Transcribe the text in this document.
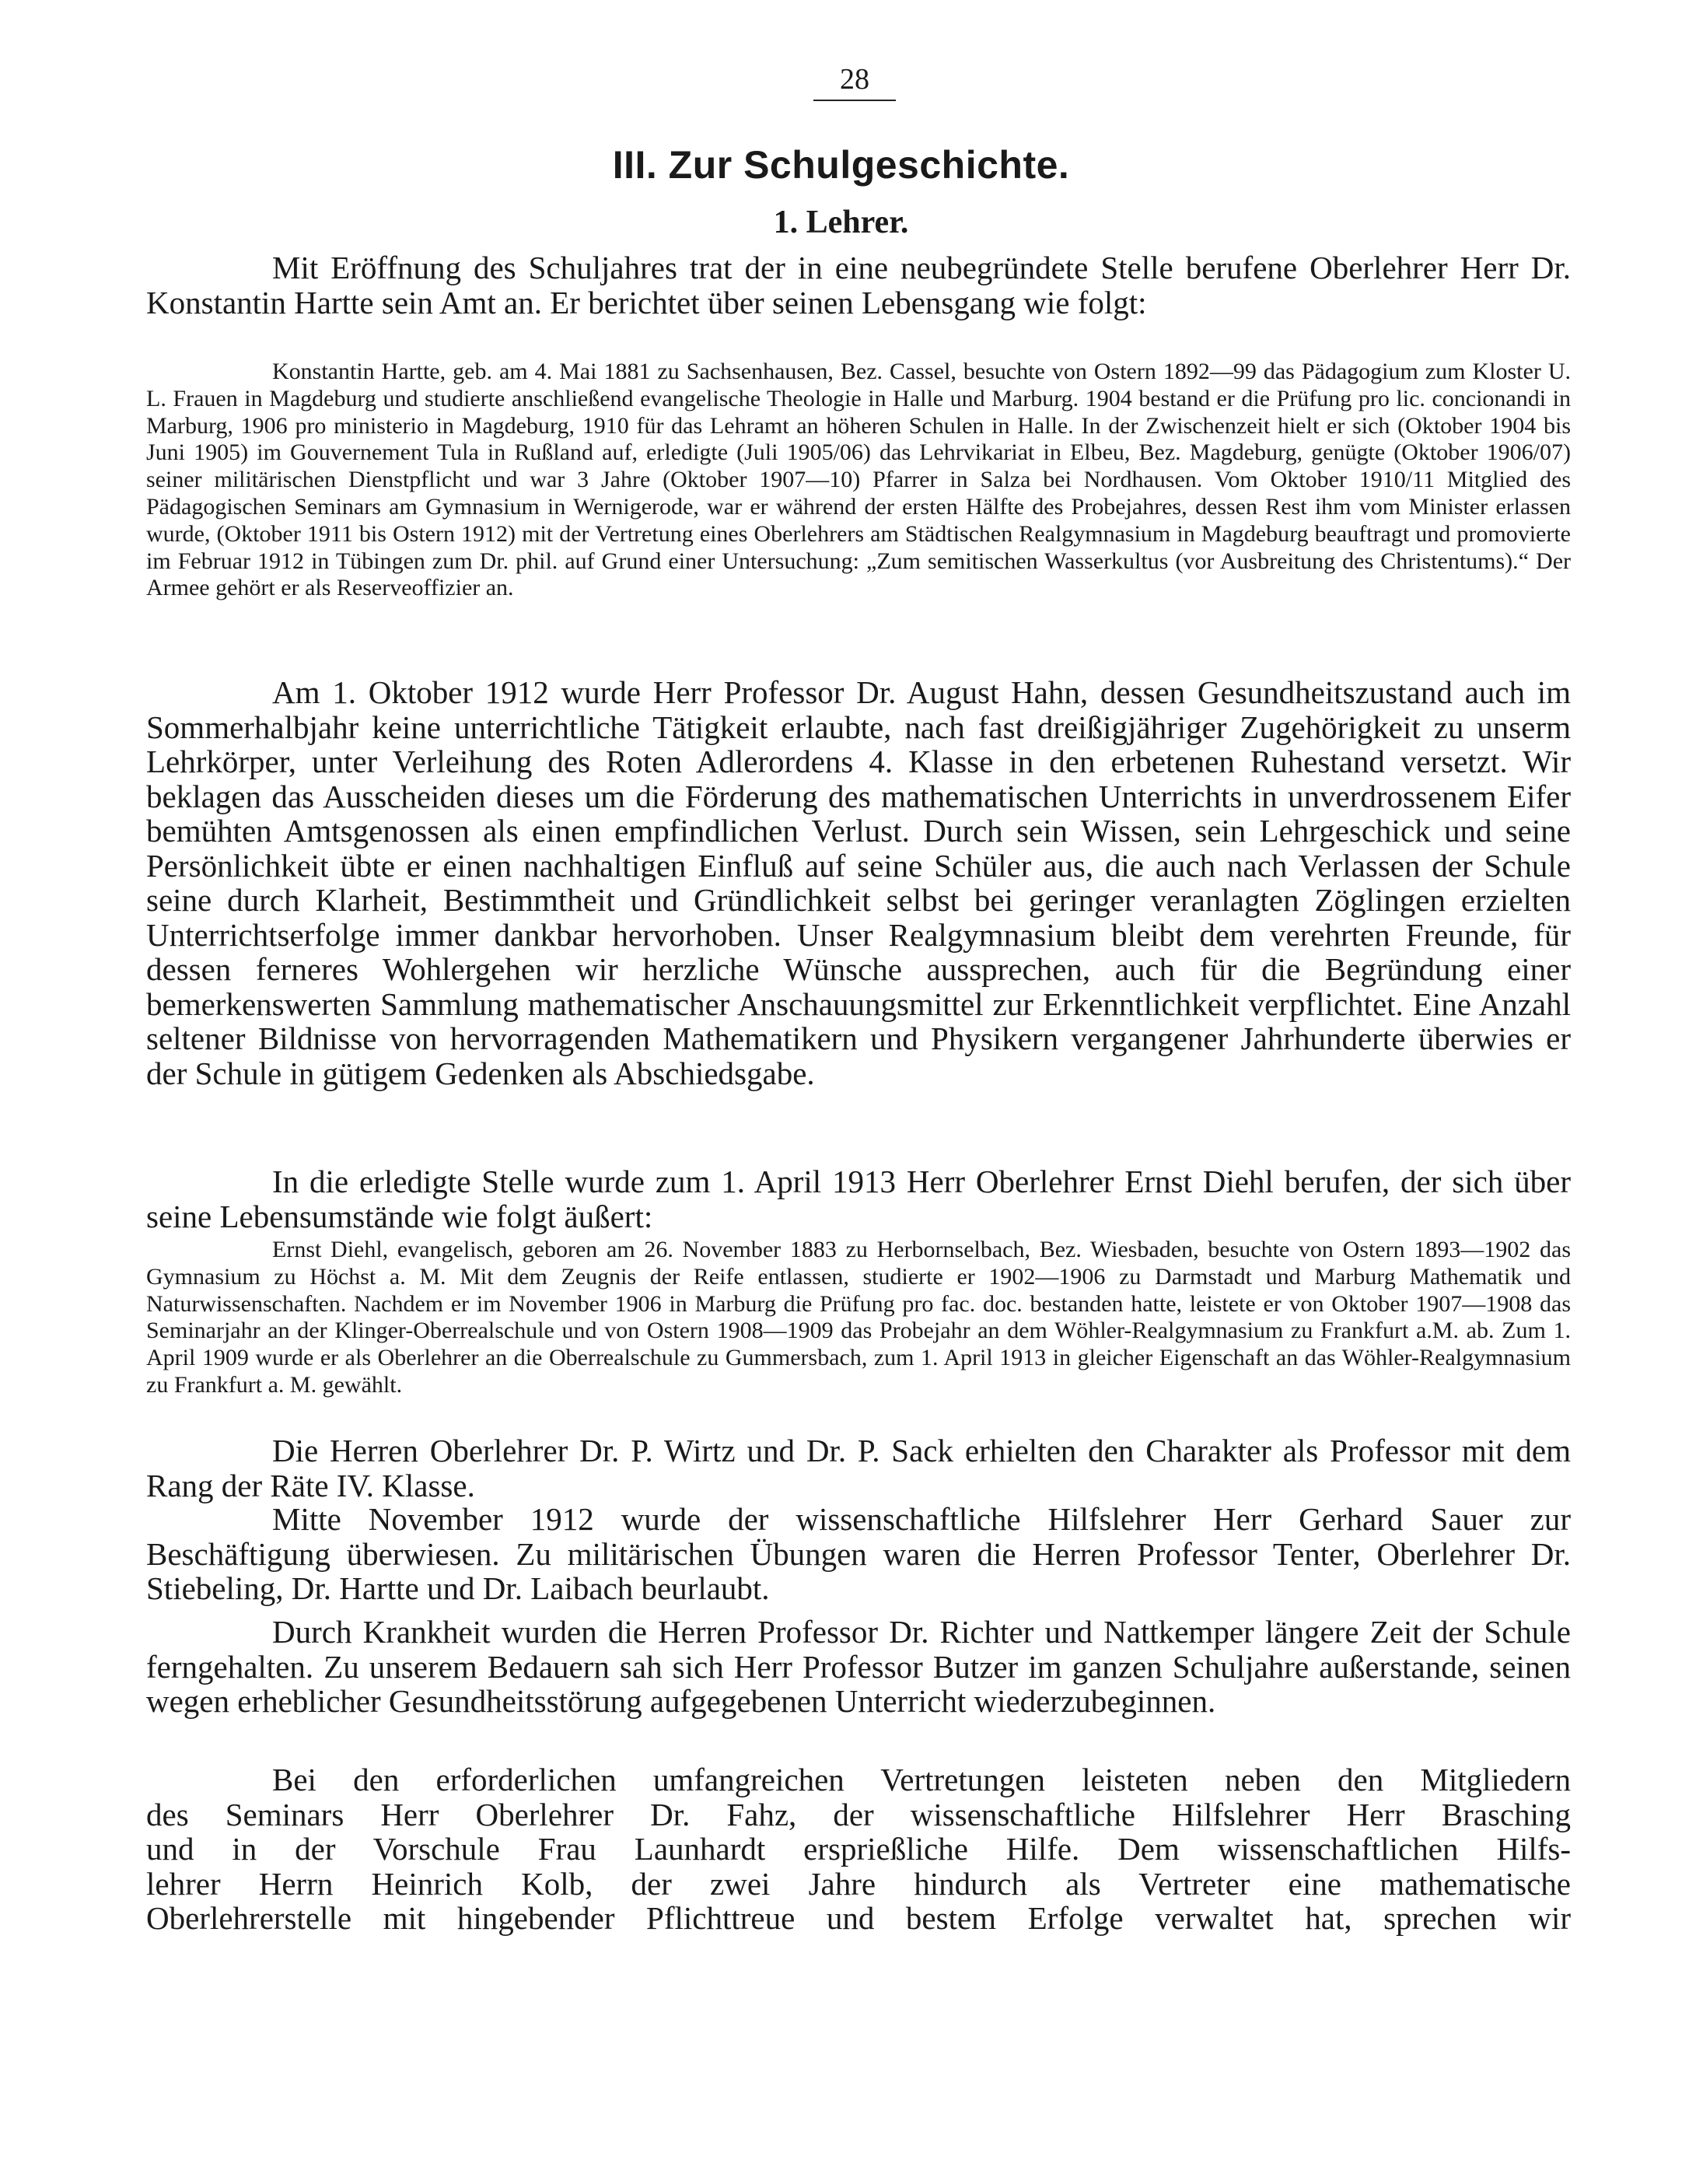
28
III. Zur Schulgeschichte.
1. Lehrer.

Mit Eröffnung des Schuljahres trat der in eine neubegründete Stelle berufene Oberlehrer Herr Dr. Konstantin Hartte sein Amt an. Er berichtet über seinen Lebensgang wie folgt:

Konstantin Hartte, geb. am 4. Mai 1881 zu Sachsenhausen, Bez. Cassel, besuchte von Ostern 1892—99 das Pädagogium zum Kloster U. L. Frauen in Magdeburg und studierte anschließend evangelische Theologie in Halle und Marburg. 1904 bestand er die Prüfung pro lic. concionandi in Marburg, 1906 pro ministerio in Magdeburg, 1910 für das Lehramt an höheren Schulen in Halle. In der Zwischenzeit hielt er sich (Oktober 1904 bis Juni 1905) im Gouvernement Tula in Rußland auf, erledigte (Juli 1905/06) das Lehrvikariat in Elbeu, Bez. Magdeburg, genügte (Oktober 1906/07) seiner militärischen Dienstpflicht und war 3 Jahre (Oktober 1907—10) Pfarrer in Salza bei Nordhausen. Vom Oktober 1910/11 Mitglied des Pädagogischen Seminars am Gymnasium in Wernigerode, war er während der ersten Hälfte des Probejahres, dessen Rest ihm vom Minister erlassen wurde, (Oktober 1911 bis Ostern 1912) mit der Vertretung eines Oberlehrers am Städtischen Realgymnasium in Magdeburg beauftragt und promovierte im Februar 1912 in Tübingen zum Dr. phil. auf Grund einer Untersuchung: „Zum semitischen Wasserkultus (vor Ausbreitung des Christentums).“ Der Armee gehört er als Reserveoffizier an.

Am 1. Oktober 1912 wurde Herr Professor Dr. August Hahn, dessen Gesundheitszustand auch im Sommerhalbjahr keine unterrichtliche Tätigkeit erlaubte, nach fast dreißigjähriger Zugehörigkeit zu unserm Lehrkörper, unter Verleihung des Roten Adlerordens 4. Klasse in den erbetenen Ruhestand versetzt. Wir beklagen das Ausscheiden dieses um die Förderung des mathematischen Unterrichts in unverdrossenem Eifer bemühten Amtsgenossen als einen empfindlichen Verlust. Durch sein Wissen, sein Lehrgeschick und seine Persönlichkeit übte er einen nachhaltigen Einfluß auf seine Schüler aus, die auch nach Verlassen der Schule seine durch Klarheit, Bestimmtheit und Gründlichkeit selbst bei geringer veranlagten Zöglingen erzielten Unterrichtserfolge immer dankbar hervorhoben. Unser Realgymnasium bleibt dem verehrten Freunde, für dessen ferneres Wohlergehen wir herzliche Wünsche aussprechen, auch für die Begründung einer bemerkenswerten Sammlung mathematischer Anschauungsmittel zur Erkenntlichkeit verpflichtet. Eine Anzahl seltener Bildnisse von hervorragenden Mathematikern und Physikern vergangener Jahrhunderte überwies er der Schule in gütigem Gedenken als Abschiedsgabe.

In die erledigte Stelle wurde zum 1. April 1913 Herr Oberlehrer Ernst Diehl berufen, der sich über seine Lebensumstände wie folgt äußert:

Ernst Diehl, evangelisch, geboren am 26. November 1883 zu Herbornselbach, Bez. Wiesbaden, besuchte von Ostern 1893—1902 das Gymnasium zu Höchst a. M. Mit dem Zeugnis der Reife entlassen, studierte er 1902—1906 zu Darmstadt und Marburg Mathematik und Naturwissenschaften. Nachdem er im November 1906 in Marburg die Prüfung pro fac. doc. bestanden hatte, leistete er von Oktober 1907—1908 das Seminarjahr an der Klinger-Oberrealschule und von Ostern 1908—1909 das Probejahr an dem Wöhler-Realgymnasium zu Frankfurt a.M. ab. Zum 1. April 1909 wurde er als Oberlehrer an die Oberrealschule zu Gummersbach, zum 1. April 1913 in gleicher Eigenschaft an das Wöhler-Realgymnasium zu Frankfurt a. M. gewählt.

Die Herren Oberlehrer Dr. P. Wirtz und Dr. P. Sack erhielten den Charakter als Professor mit dem Rang der Räte IV. Klasse.

Mitte November 1912 wurde der wissenschaftliche Hilfslehrer Herr Gerhard Sauer zur Beschäftigung überwiesen. Zu militärischen Übungen waren die Herren Professor Tenter, Oberlehrer Dr. Stiebeling, Dr. Hartte und Dr. Laibach beurlaubt.

Durch Krankheit wurden die Herren Professor Dr. Richter und Nattkemper längere Zeit der Schule ferngehalten. Zu unserem Bedauern sah sich Herr Professor Butzer im ganzen Schuljahre außerstande, seinen wegen erheblicher Gesundheitsstörung aufgegebenen Unterricht wiederzubeginnen.

Bei den erforderlichen umfangreichen Vertretungen leisteten neben den Mitgliedern
des Seminars Herr Oberlehrer Dr. Fahz, der wissenschaftliche Hilfslehrer Herr Brasching
und in der Vorschule Frau Launhardt ersprießliche Hilfe. Dem wissenschaftlichen Hilfs-
lehrer Herrn Heinrich Kolb, der zwei Jahre hindurch als Vertreter eine mathematische
Oberlehrerstelle mit hingebender Pflichttreue und bestem Erfolge verwaltet hat, sprechen wir
